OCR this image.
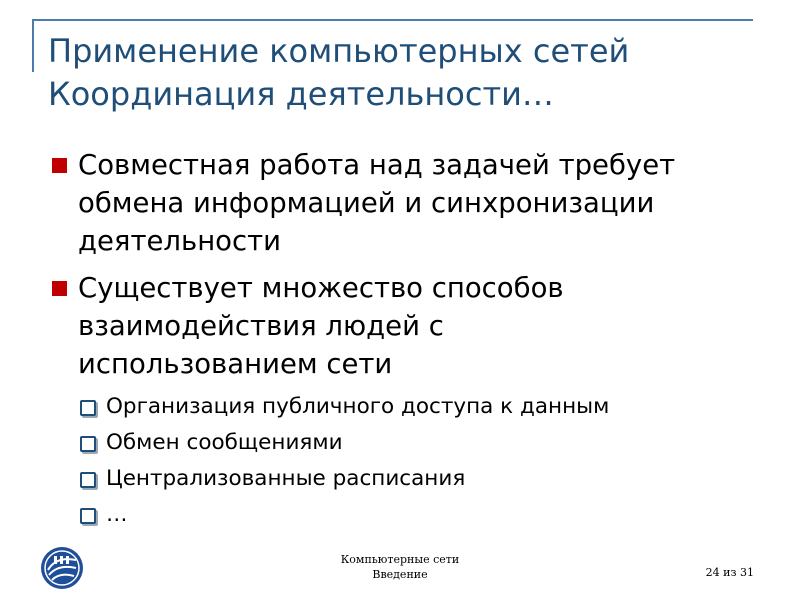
Применение компьютерных сетей
Координация деятельности…
Совместная работа над задачей требует
обмена информацией и синхронизации
деятельности
Существует множество способов
взаимодействия людей с
использованием сети
Организация публичного доступа к данным
Обмен сообщениями
Централизованные расписания
…
Компьютерные сети
Введение	24 из 31
